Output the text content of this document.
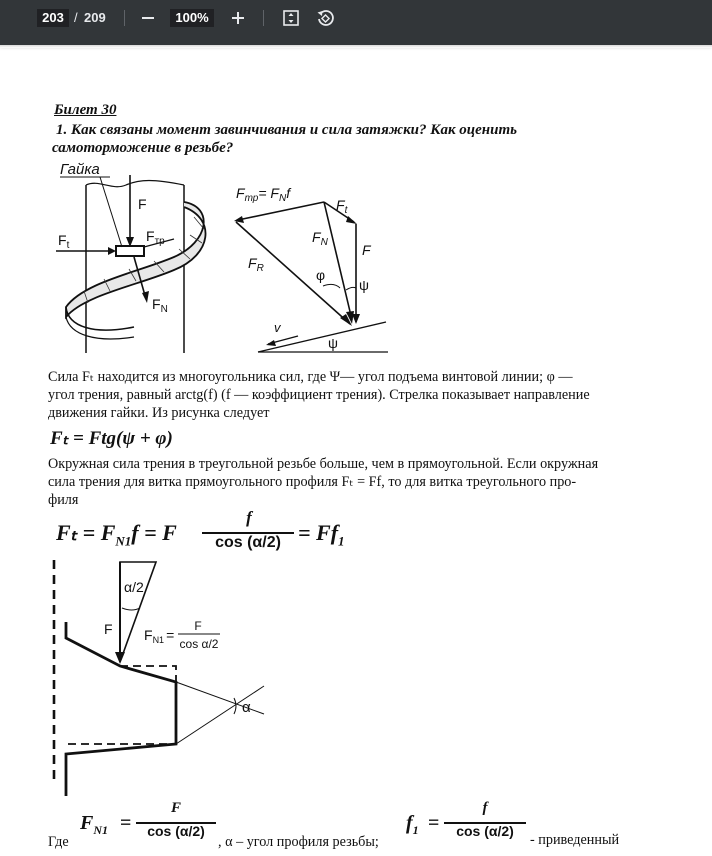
203 / 209	100%

Билет 30

1. Как связаны момент завинчивания и сила затяжки? Как оценить
самоторможение в резьбе?

Гайка
F
$F_t$
$F_{тр}$
$F_N$
$F_{тр}= F_Nf$
$F_t$
F
$F_N$
$F_R$	φ
ψ
ψ
v

Сила Fₜ находится из многоугольника сил, где Ψ— угол подъема винтовой линии; φ —
угол трения, равный arctg(f) (f — коэффициент трения). Стрелка показывает направление
движения гайки. Из рисунка следует

Fₜ = Ftg(ψ + φ)

Окружная сила трения в треугольной резьбе больше, чем в прямоугольной. Если окружная
сила трения для витка прямоугольного профиля Fₜ = Ff, то для витка треугольного про-
филя

$F_t = F_{N1}f = F$
f
$\cos (\alpha/2) = Ff_1$
α
α/2
F $F_{N1}$ =
F
cos α/2
Где
$F_{N1}$ =
F
cos (α/2)
, α – угол профиля резьбы;
$f_1$ =
f
cos (α/2)
- приведенный
